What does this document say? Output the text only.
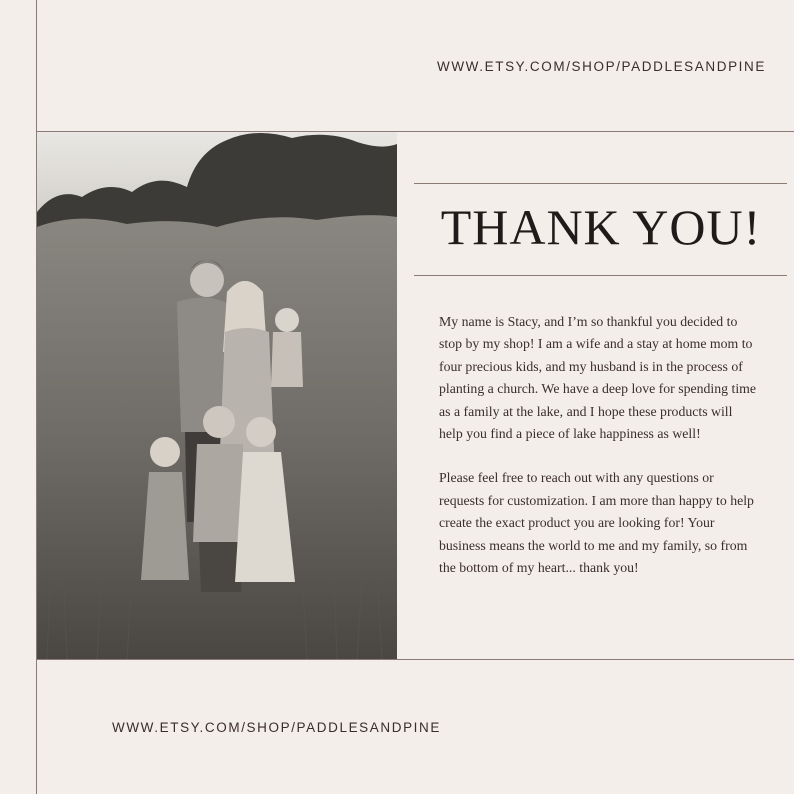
WWW.ETSY.COM/SHOP/PADDLESANDPINE
THANK YOU!

My name is Stacy, and I’m so thankful you decided to stop by my shop! I am a wife and a stay at home mom to four precious kids, and my husband is in the process of planting a church. We have a deep love for spending time as a family at the lake, and I hope these products will help you find a piece of lake happiness as well!

Please feel free to reach out with any questions or requests for customization. I am more than happy to help create the exact product you are looking for! Your business means the world to me and my family, so from the bottom of my heart... thank you!

WWW.ETSY.COM/SHOP/PADDLESANDPINE
